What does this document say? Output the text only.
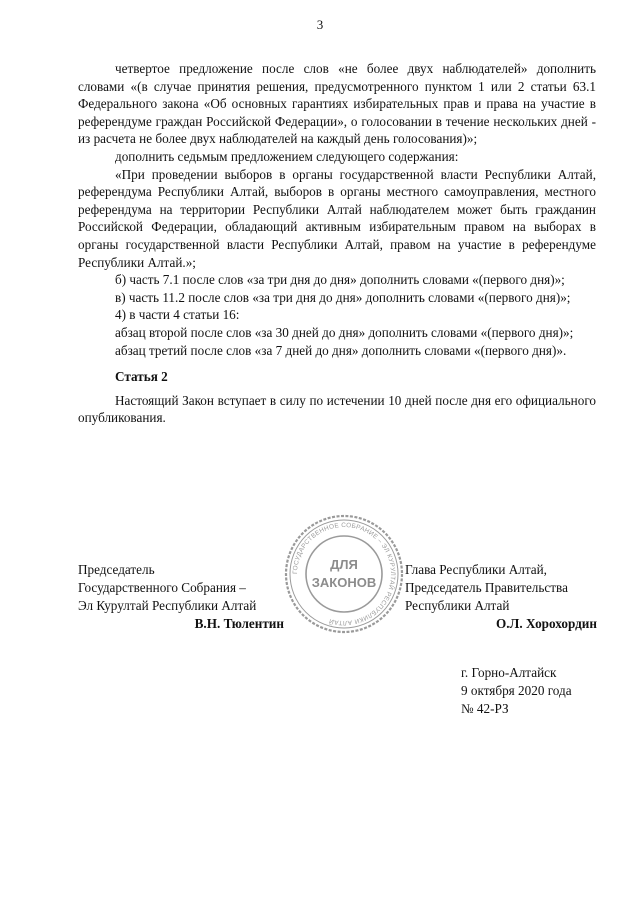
3

четвертое предложение после слов «не более двух наблюдателей» дополнить словами «(в случае принятия решения, предусмотренного пунктом 1 или 2 статьи 63.1 Федерального закона «Об основных гарантиях избирательных прав и права на участие в референдуме граждан Российской Федерации», о голосовании в течение нескольких дней - из расчета не более двух наблюдателей на каждый день голосования)»;

дополнить седьмым предложением следующего содержания:

«При проведении выборов в органы государственной власти Республики Алтай, референдума Республики Алтай, выборов в органы местного самоуправления, местного референдума на территории Республики Алтай наблюдателем может быть гражданин Российской Федерации, обладающий активным избирательным правом на выборах в органы государственной власти Республики Алтай, правом на участие в референдуме Республики Алтай.»;

б) часть 7.1 после слов «за три дня до дня» дополнить словами «(первого дня)»;

в) часть 11.2 после слов «за три дня до дня» дополнить словами «(первого дня)»;

4) в части 4 статьи 16:

абзац второй после слов «за 30 дней до дня» дополнить словами «(первого дня)»;

абзац третий после слов «за 7 дней до дня» дополнить словами «(первого дня)».

Статья 2

Настоящий Закон вступает в силу по истечении 10 дней после дня его официального опубликования.

Председатель
Государственного Собрания –
Эл Курултай Республики Алтай
В.Н. Тюлентин
Глава Республики Алтай,
Председатель Правительства
Республики Алтай
О.Л. Хорохордин
ГОСУДАРСТВЕННОЕ СОБРАНИЕ – ЭЛ КУРУЛТАЙ РЕСПУБЛИКИ АЛТАЙ
ДЛЯ
ЗАКОНОВ
г. Горно-Алтайск
9 октября 2020 года
№ 42-РЗ
